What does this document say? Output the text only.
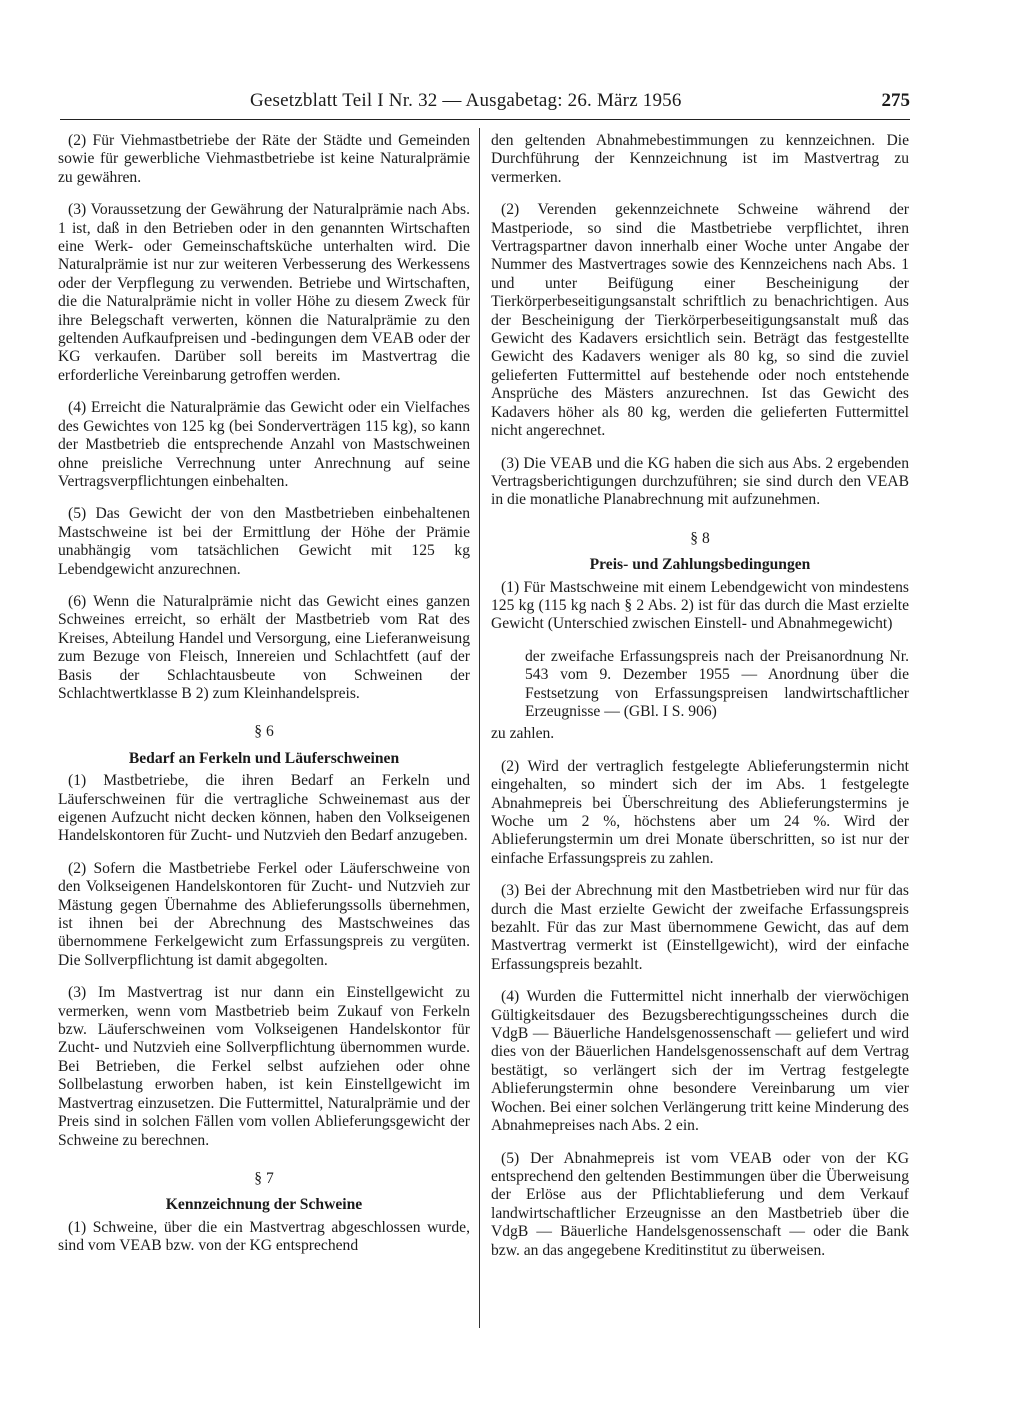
Gesetzblatt Teil I Nr. 32 — Ausgabetag: 26. März 1956	275

(2) Für Viehmastbetriebe der Räte der Städte und Gemeinden sowie für gewerbliche Viehmastbetriebe ist keine Naturalprämie zu gewähren.

(3) Voraussetzung der Gewährung der Naturalprämie nach Abs. 1 ist, daß in den Betrieben oder in den genannten Wirtschaften eine Werk- oder Gemeinschaftsküche unterhalten wird. Die Naturalprämie ist nur zur weiteren Verbesserung des Werkessens oder der Verpflegung zu verwenden. Betriebe und Wirtschaften, die die Naturalprämie nicht in voller Höhe zu diesem Zweck für ihre Belegschaft verwerten, können die Naturalprämie zu den geltenden Aufkaufpreisen und -bedingungen dem VEAB oder der KG verkaufen. Darüber soll bereits im Mastvertrag die erforderliche Vereinbarung getroffen werden.

(4) Erreicht die Naturalprämie das Gewicht oder ein Vielfaches des Gewichtes von 125 kg (bei Sonderverträgen 115 kg), so kann der Mastbetrieb die entsprechende Anzahl von Mastschweinen ohne preisliche Verrechnung unter Anrechnung auf seine Vertragsverpflichtungen einbehalten.

(5) Das Gewicht der von den Mastbetrieben einbehaltenen Mastschweine ist bei der Ermittlung der Höhe der Prämie unabhängig vom tatsächlichen Gewicht mit 125 kg Lebendgewicht anzurechnen.

(6) Wenn die Naturalprämie nicht das Gewicht eines ganzen Schweines erreicht, so erhält der Mastbetrieb vom Rat des Kreises, Abteilung Handel und Versorgung, eine Lieferanweisung zum Bezuge von Fleisch, Innereien und Schlachtfett (auf der Basis der Schlachtausbeute von Schweinen der Schlachtwertklasse B 2) zum Kleinhandelspreis.

§ 6

Bedarf an Ferkeln und Läuferschweinen

(1) Mastbetriebe, die ihren Bedarf an Ferkeln und Läuferschweinen für die vertragliche Schweinemast aus der eigenen Aufzucht nicht decken können, haben den Volkseigenen Handelskontoren für Zucht- und Nutzvieh den Bedarf anzugeben.

(2) Sofern die Mastbetriebe Ferkel oder Läuferschweine von den Volkseigenen Handelskontoren für Zucht- und Nutzvieh zur Mästung gegen Übernahme des Ablieferungssolls übernehmen, ist ihnen bei der Abrechnung des Mastschweines das übernommene Ferkelgewicht zum Erfassungspreis zu vergüten. Die Sollverpflichtung ist damit abgegolten.

(3) Im Mastvertrag ist nur dann ein Einstellgewicht zu vermerken, wenn vom Mastbetrieb beim Zukauf von Ferkeln bzw. Läuferschweinen vom Volkseigenen Handelskontor für Zucht- und Nutzvieh eine Sollverpflichtung übernommen wurde. Bei Betrieben, die Ferkel selbst aufziehen oder ohne Sollbelastung erworben haben, ist kein Einstellgewicht im Mastvertrag einzusetzen. Die Futtermittel, Naturalprämie und der Preis sind in solchen Fällen vom vollen Ablieferungsgewicht der Schweine zu berechnen.

§ 7

Kennzeichnung der Schweine

(1) Schweine, über die ein Mastvertrag abgeschlossen wurde, sind vom VEAB bzw. von der KG entsprechend

den geltenden Abnahmebestimmungen zu kennzeichnen. Die Durchführung der Kennzeichnung ist im Mastvertrag zu vermerken.

(2) Verenden gekennzeichnete Schweine während der Mastperiode, so sind die Mastbetriebe verpflichtet, ihren Vertragspartner davon innerhalb einer Woche unter Angabe der Nummer des Mastvertrages sowie des Kennzeichens nach Abs. 1 und unter Beifügung einer Bescheinigung der Tierkörperbeseitigungsanstalt schriftlich zu benachrichtigen. Aus der Bescheinigung der Tierkörperbeseitigungsanstalt muß das Gewicht des Kadavers ersichtlich sein. Beträgt das festgestellte Gewicht des Kadavers weniger als 80 kg, so sind die zuviel gelieferten Futtermittel auf bestehende oder noch entstehende Ansprüche des Mästers anzurechnen. Ist das Gewicht des Kadavers höher als 80 kg, werden die gelieferten Futtermittel nicht angerechnet.

(3) Die VEAB und die KG haben die sich aus Abs. 2 ergebenden Vertragsberichtigungen durchzuführen; sie sind durch den VEAB in die monatliche Planabrechnung mit aufzunehmen.

§ 8

Preis- und Zahlungsbedingungen

(1) Für Mastschweine mit einem Lebendgewicht von mindestens 125 kg (115 kg nach § 2 Abs. 2) ist für das durch die Mast erzielte Gewicht (Unterschied zwischen Einstell- und Abnahmegewicht)

der zweifache Erfassungspreis nach der Preisanordnung Nr. 543 vom 9. Dezember 1955 — Anordnung über die Festsetzung von Erfassungspreisen landwirtschaftlicher Erzeugnisse — (GBl. I S. 906)

zu zahlen.

(2) Wird der vertraglich festgelegte Ablieferungstermin nicht eingehalten, so mindert sich der im Abs. 1 festgelegte Abnahmepreis bei Überschreitung des Ablieferungstermins je Woche um 2 %, höchstens aber um 24 %. Wird der Ablieferungstermin um drei Monate überschritten, so ist nur der einfache Erfassungspreis zu zahlen.

(3) Bei der Abrechnung mit den Mastbetrieben wird nur für das durch die Mast erzielte Gewicht der zweifache Erfassungspreis bezahlt. Für das zur Mast übernommene Gewicht, das auf dem Mastvertrag vermerkt ist (Einstellgewicht), wird der einfache Erfassungspreis bezahlt.

(4) Wurden die Futtermittel nicht innerhalb der vierwöchigen Gültigkeitsdauer des Bezugsberechtigungsscheines durch die VdgB — Bäuerliche Handelsgenossenschaft — geliefert und wird dies von der Bäuerlichen Handelsgenossenschaft auf dem Vertrag bestätigt, so verlängert sich der im Vertrag festgelegte Ablieferungstermin ohne besondere Vereinbarung um vier Wochen. Bei einer solchen Verlängerung tritt keine Minderung des Abnahmepreises nach Abs. 2 ein.

(5) Der Abnahmepreis ist vom VEAB oder von der KG entsprechend den geltenden Bestimmungen über die Überweisung der Erlöse aus der Pflichtablieferung und dem Verkauf landwirtschaftlicher Erzeugnisse an den Mastbetrieb über die VdgB — Bäuerliche Handelsgenossenschaft — oder die Bank bzw. an das angegebene Kreditinstitut zu überweisen.
